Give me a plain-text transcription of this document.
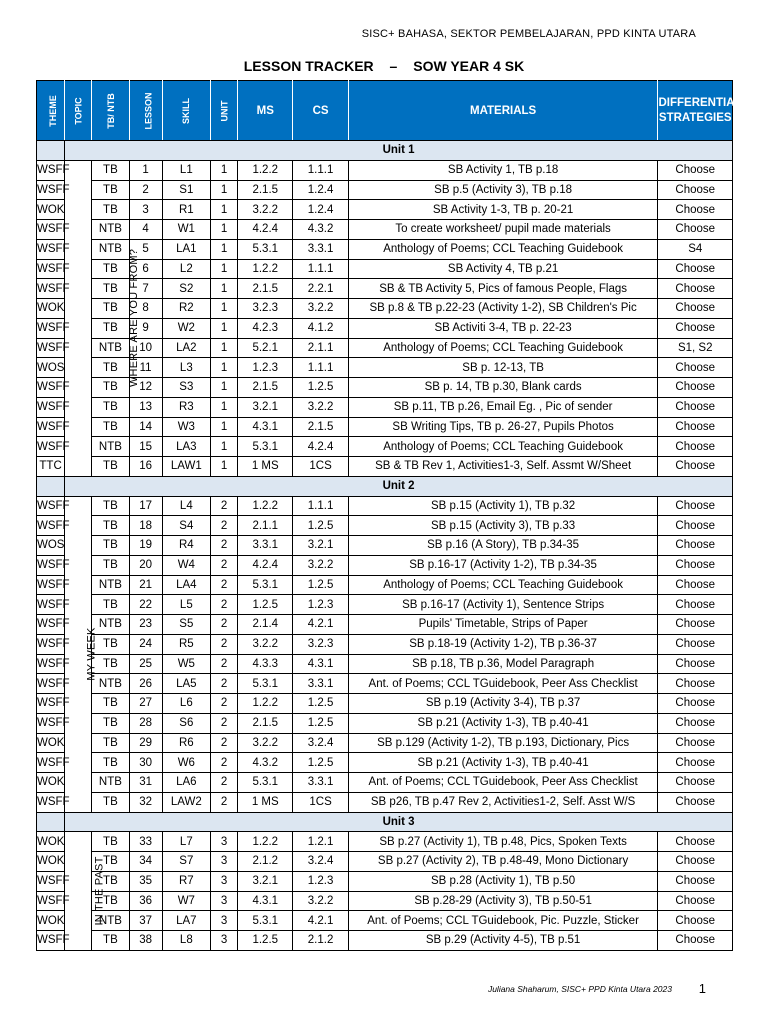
SISC+ BAHASA, SEKTOR PEMBELAJARAN, PPD KINTA UTARA
LESSON TRACKER – SOW YEAR 4 SK
THEME	TOPIC	TB/ NTB	LESSON	SKILL	UNIT	MS	CS	MATERIALS	DIFFERENTIATE
STRATEGIES

	Unit 1								
WSFF	WHERE ARE YOU FROM?	TB	1	L1	1	1.2.2	1.1.1	SB Activity 1, TB p.18	Choose
WSFF		TB	2	S1	1	2.1.5	1.2.4	SB p.5 (Activity 3), TB p.18	Choose
WOK		TB	3	R1	1	3.2.2	1.2.4	SB Activity 1-3, TB p. 20-21	Choose
WSFF		NTB	4	W1	1	4.2.4	4.3.2	To create worksheet/ pupil made materials	Choose
WSFF		NTB	5	LA1	1	5.3.1	3.3.1	Anthology of Poems; CCL Teaching Guidebook	S4
WSFF		TB	6	L2	1	1.2.2	1.1.1	SB Activity 4, TB p.21	Choose
WSFF		TB	7	S2	1	2.1.5	2.2.1	SB & TB Activity 5, Pics of famous People, Flags	Choose
WOK		TB	8	R2	1	3.2.3	3.2.2	SB p.8 & TB p.22-23 (Activity 1-2), SB Children's Pic	Choose
WSFF		TB	9	W2	1	4.2.3	4.1.2	SB Activiti 3-4, TB p. 22-23	Choose
WSFF		NTB	10	LA2	1	5.2.1	2.1.1	Anthology of Poems; CCL Teaching Guidebook	S1, S2
WOS		TB	11	L3	1	1.2.3	1.1.1	SB p. 12-13, TB	Choose
WSFF		TB	12	S3	1	2.1.5	1.2.5	SB p. 14, TB p.30, Blank cards	Choose
WSFF		TB	13	R3	1	3.2.1	3.2.2	SB p.11, TB p.26, Email Eg. , Pic of sender	Choose
WSFF		TB	14	W3	1	4.3.1	2.1.5	SB Writing Tips, TB p. 26-27, Pupils Photos	Choose
WSFF		NTB	15	LA3	1	5.3.1	4.2.4	Anthology of Poems; CCL Teaching Guidebook	Choose
TTC		TB	16	LAW1	1	1 MS	1CS	SB & TB Rev 1, Activities1-3, Self. Assmt W/Sheet	Choose
	Unit 2								
WSFF	MY WEEK	TB	17	L4	2	1.2.2	1.1.1	SB p.15 (Activity 1), TB p.32	Choose
WSFF		TB	18	S4	2	2.1.1	1.2.5	SB p.15 (Activity 3), TB p.33	Choose
WOS		TB	19	R4	2	3.3.1	3.2.1	SB p.16 (A Story), TB p.34-35	Choose
WSFF		TB	20	W4	2	4.2.4	3.2.2	SB p.16-17 (Activity 1-2), TB p.34-35	Choose
WSFF		NTB	21	LA4	2	5.3.1	1.2.5	Anthology of Poems; CCL Teaching Guidebook	Choose
WSFF		TB	22	L5	2	1.2.5	1.2.3	SB p.16-17 (Activity 1), Sentence Strips	Choose
WSFF		NTB	23	S5	2	2.1.4	4.2.1	Pupils' Timetable, Strips of Paper	Choose
WSFF		TB	24	R5	2	3.2.2	3.2.3	SB p.18-19 (Activity 1-2), TB p.36-37	Choose
WSFF		TB	25	W5	2	4.3.3	4.3.1	SB p.18, TB p.36, Model Paragraph	Choose
WSFF		NTB	26	LA5	2	5.3.1	3.3.1	Ant. of Poems; CCL TGuidebook, Peer Ass Checklist	Choose
WSFF		TB	27	L6	2	1.2.2	1.2.5	SB p.19 (Activity 3-4), TB p.37	Choose
WSFF		TB	28	S6	2	2.1.5	1.2.5	SB p.21 (Activity 1-3), TB p.40-41	Choose
WOK		TB	29	R6	2	3.2.2	3.2.4	SB p.129 (Activity 1-2), TB p.193, Dictionary, Pics	Choose
WSFF		TB	30	W6	2	4.3.2	1.2.5	SB p.21 (Activity 1-3), TB p.40-41	Choose
WOK		NTB	31	LA6	2	5.3.1	3.3.1	Ant. of Poems; CCL TGuidebook, Peer Ass Checklist	Choose
WSFF		TB	32	LAW2	2	1 MS	1CS	SB p26, TB p.47 Rev 2, Activities1-2, Self. Asst W/S	Choose
	Unit 3								
WOK	IN THE PAST	TB	33	L7	3	1.2.2	1.2.1	SB p.27 (Activity 1), TB p.48, Pics, Spoken Texts	Choose
WOK		TB	34	S7	3	2.1.2	3.2.4	SB p.27 (Activity 2), TB p.48-49, Mono Dictionary	Choose
WSFF		TB	35	R7	3	3.2.1	1.2.3	SB p.28 (Activity 1), TB p.50	Choose
WSFF		TB	36	W7	3	4.3.1	3.2.2	SB p.28-29 (Activity 3), TB p.50-51	Choose
WOK		NTB	37	LA7	3	5.3.1	4.2.1	Ant. of Poems; CCL TGuidebook, Pic. Puzzle, Sticker	Choose
WSFF		TB	38	L8	3	1.2.5	2.1.2	SB p.29 (Activity 4-5), TB p.51	Choose
Juliana Shaharum, SISC+ PPD Kinta Utara 2023 1
